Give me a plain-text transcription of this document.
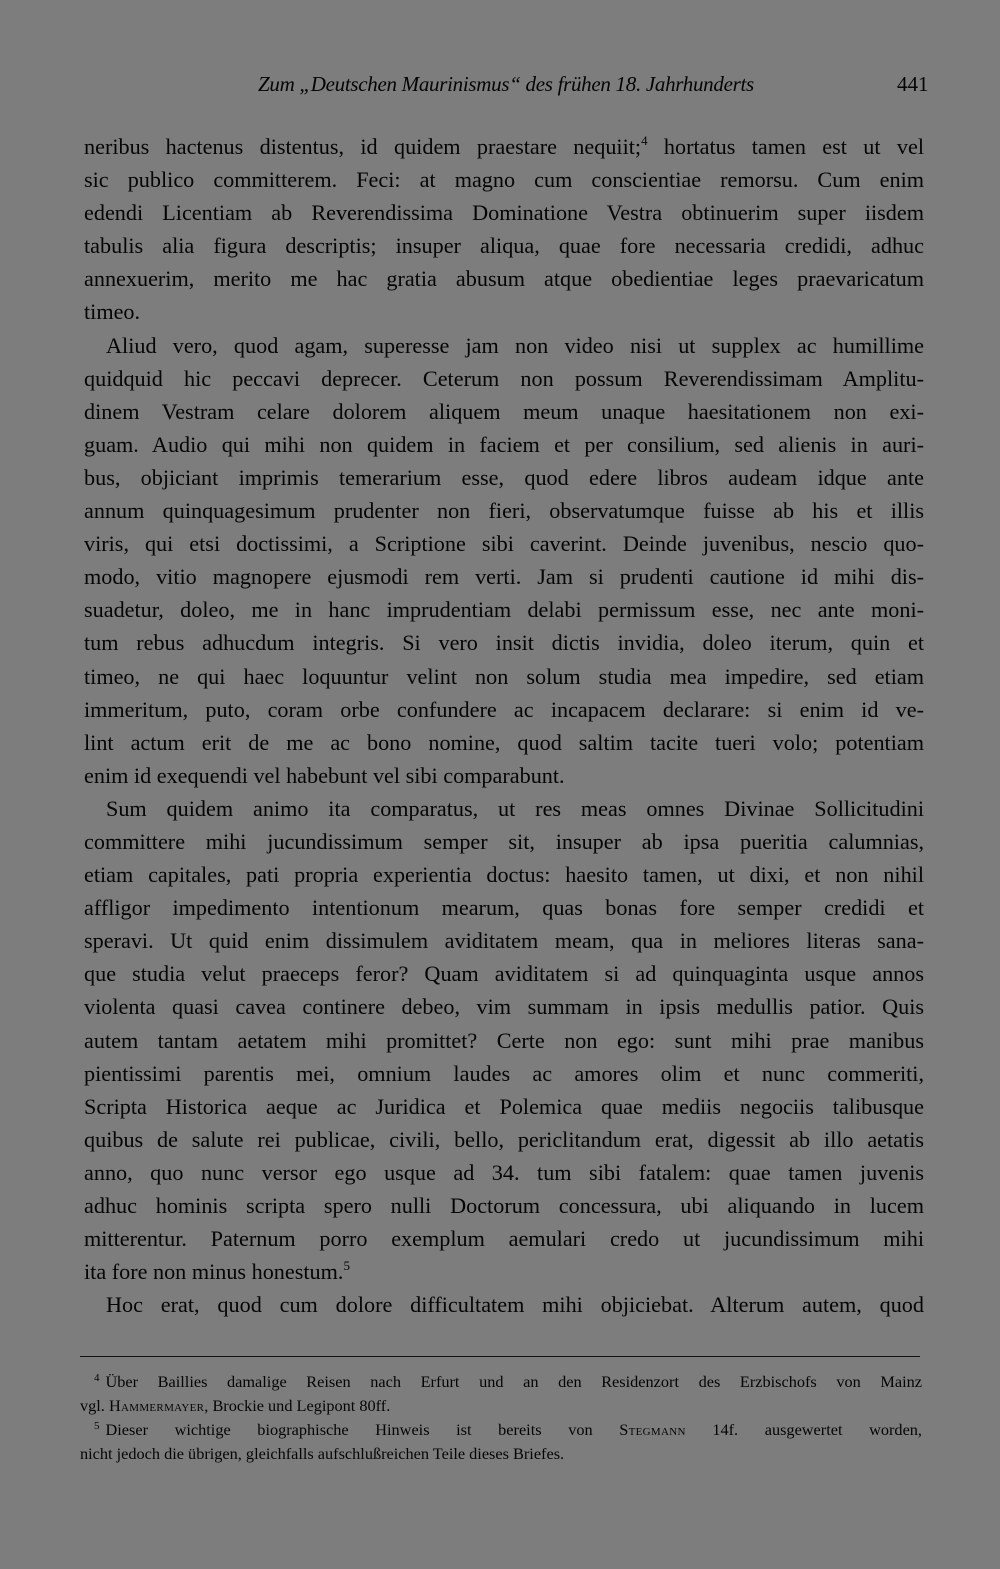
Zum „Deutschen Maurinismus“ des frühen 18. Jahrhunderts	441
neribus hactenus distentus, id quidem praestare nequiit;$^4$ hortatus tamen est ut vel
sic publico committerem. Feci: at magno cum conscientiae remorsu. Cum enim
edendi Licentiam ab Reverendissima Dominatione Vestra obtinuerim super iisdem
tabulis alia figura descriptis; insuper aliqua, quae fore necessaria credidi, adhuc
annexuerim, merito me hac gratia abusum atque obedientiae leges praevaricatum
timeo.
Aliud vero, quod agam, superesse jam non video nisi ut supplex ac humillime
quidquid hic peccavi deprecer. Ceterum non possum Reverendissimam Amplitu-
dinem Vestram celare dolorem aliquem meum unaque haesitationem non exi-
guam. Audio qui mihi non quidem in faciem et per consilium, sed alienis in auri-
bus, objiciant imprimis temerarium esse, quod edere libros audeam idque ante
annum quinquagesimum prudenter non fieri, observatumque fuisse ab his et illis
viris, qui etsi doctissimi, a Scriptione sibi caverint. Deinde juvenibus, nescio quo-
modo, vitio magnopere ejusmodi rem verti. Jam si prudenti cautione id mihi dis-
suadetur, doleo, me in hanc imprudentiam delabi permissum esse, nec ante moni-
tum rebus adhucdum integris. Si vero insit dictis invidia, doleo iterum, quin et
timeo, ne qui haec loquuntur velint non solum studia mea impedire, sed etiam
immeritum, puto, coram orbe confundere ac incapacem declarare: si enim id ve-
lint actum erit de me ac bono nomine, quod saltim tacite tueri volo; potentiam
enim id exequendi vel habebunt vel sibi comparabunt.
Sum quidem animo ita comparatus, ut res meas omnes Divinae Sollicitudini
committere mihi jucundissimum semper sit, insuper ab ipsa pueritia calumnias,
etiam capitales, pati propria experientia doctus: haesito tamen, ut dixi, et non nihil
affligor impedimento intentionum mearum, quas bonas fore semper credidi et
speravi. Ut quid enim dissimulem aviditatem meam, qua in meliores literas sana-
que studia velut praeceps feror? Quam aviditatem si ad quinquaginta usque annos
violenta quasi cavea continere debeo, vim summam in ipsis medullis patior. Quis
autem tantam aetatem mihi promittet? Certe non ego: sunt mihi prae manibus
pientissimi parentis mei, omnium laudes ac amores olim et nunc commeriti,
Scripta Historica aeque ac Juridica et Polemica quae mediis negociis talibusque
quibus de salute rei publicae, civili, bello, periclitandum erat, digessit ab illo aetatis
anno, quo nunc versor ego usque ad 34. tum sibi fatalem: quae tamen juvenis
adhuc hominis scripta spero nulli Doctorum concessura, ubi aliquando in lucem
mitterentur. Paternum porro exemplum aemulari credo ut jucundissimum mihi
ita fore non minus honestum.$^5$
Hoc erat, quod cum dolore difficultatem mihi objiciebat. Alterum autem, quod
$^4$ Über Baillies damalige Reisen nach Erfurt und an den Residenzort des Erzbischofs von Mainz
vgl. Hammermayer, Brockie und Legipont 80ff.
$^5$ Dieser wichtige biographische Hinweis ist bereits von Stegmann 14f. ausgewertet worden,
nicht jedoch die übrigen, gleichfalls aufschlußreichen Teile dieses Briefes.
